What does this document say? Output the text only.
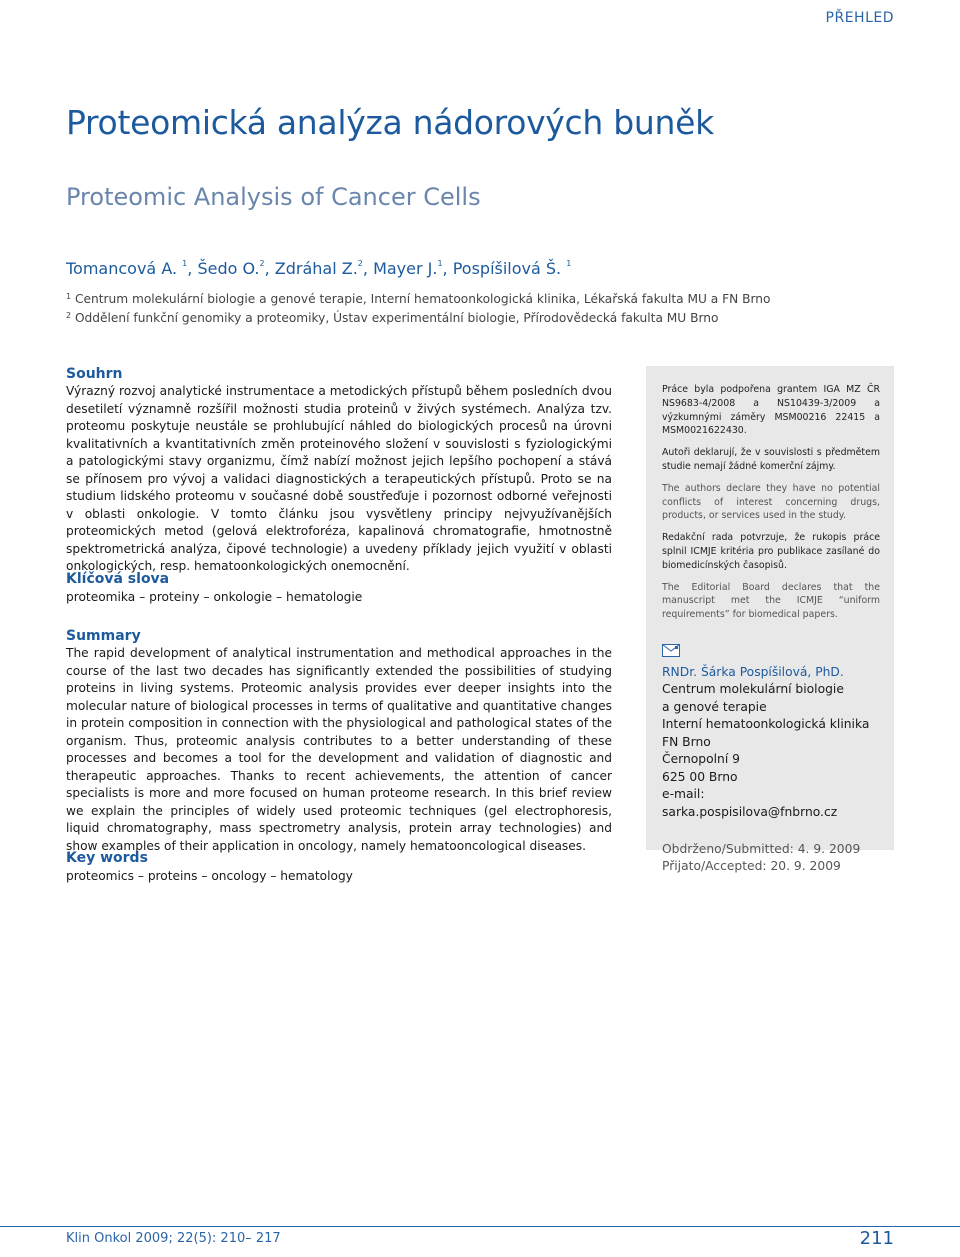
PŘEHLED
Proteomická analýza nádorových buněk
Proteomic Analysis of Cancer Cells
Tomancová A. $^1$, Šedo O.$^2$, Zdráhal Z.$^2$, Mayer J.$^1$, Pospíšilová Š. $^1$
$^1$ Centrum molekulární biologie a genové terapie, Interní hematoonkologická klinika, Lékařská fakulta MU a FN Brno
$^2$ Oddělení funkční genomiky a proteomiky, Ústav experimentální biologie, Přírodovědecká fakulta MU Brno
Souhrn

Výrazný rozvoj analytické instrumentace a metodických přístupů během posledních dvou desetiletí významně rozšířil možnosti studia proteinů v živých systémech. Analýza tzv. proteomu poskytuje neustále se prohlubující náhled do biologických procesů na úrovni kvalitativních a kvantitativních změn proteinového složení v souvislosti s fyziologickými a patologickými stavy organizmu, čímž nabízí možnost jejich lepšího pochopení a stává se přínosem pro vývoj a validaci diagnostických a terapeutických přístupů. Proto se na studium lidského proteomu v současné době soustřeďuje i pozornost odborné veřejnosti v oblasti onkologie. V tomto článku jsou vysvětleny principy nejvyužívanějších proteomických metod (gelová elektroforéza, kapalinová chromatografie, hmotnostně spektrometrická analýza, čipové technologie) a uvedeny příklady jejich využití v oblasti onkologických, resp. hematoonkologických onemocnění.

Klíčová slova
proteomika – proteiny – onkologie – hematologie
Summary

The rapid development of analytical instrumentation and methodical approaches in the course of the last two decades has significantly extended the possibilities of studying proteins in living systems. Proteomic analysis provides ever deeper insights into the molecular nature of biological processes in terms of qualitative and quantitative changes in protein composition in connection with the physiological and pathological states of the organism. Thus, proteomic analysis contributes to a better understanding of these processes and becomes a tool for the development and validation of diagnostic and therapeutic approaches. Thanks to recent achievements, the attention of cancer specialists is more and more focused on human proteome research. In this brief review we explain the principles of widely used proteomic techniques (gel electrophoresis, liquid chromatography, mass spectrometry analysis, protein array technologies) and show examples of their application in oncology, namely hematooncological diseases.

Key words
proteomics – proteins – oncology – hematology

Práce byla podpořena grantem IGA MZ ČR NS9683-4/2008 a NS10439-3/2009 a výzkumnými záměry MSM00216 22415 a MSM0021622430.

Autoři deklarují, že v souvislosti s předmětem studie nemají žádné komerční zájmy.

The authors declare they have no potential conflicts of interest concerning drugs, products, or services used in the study.

Redakční rada potvrzuje, že rukopis práce splnil ICMJE kritéria pro publikace zasílané do biomedicínských časopisů.

The Editorial Board declares that the manuscript met the ICMJE “uniform requirements” for biomedical papers.

RNDr. Šárka Pospíšilová, PhD.
Centrum molekulární biologie
a genové terapie
Interní hematoonkologická klinika
FN Brno
Černopolní 9
625 00 Brno
e-mail: sarka.pospisilova@fnbrno.cz
Obdrženo/Submitted: 4. 9. 2009
Přijato/Accepted: 20. 9. 2009
Klin Onkol 2009; 22(5): 210– 217	211
